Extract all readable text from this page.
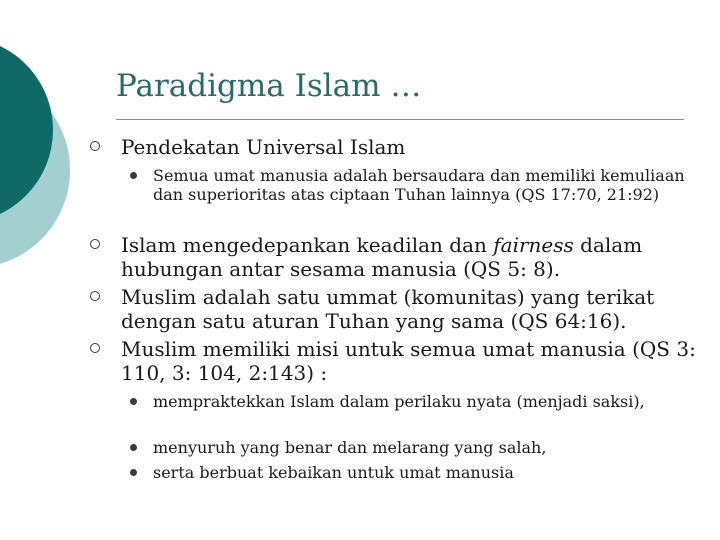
Paradigma Islam …
Pendekatan Universal Islam
Semua umat manusia adalah bersaudara dan memiliki kemuliaan dan superioritas atas ciptaan Tuhan lainnya (QS 17:70, 21:92)
Islam mengedepankan keadilan dan fairness dalam hubungan antar sesama manusia (QS 5: 8).
Muslim adalah satu ummat (komunitas) yang terikat dengan satu aturan Tuhan yang sama (QS 64:16).
Muslim memiliki misi untuk semua umat manusia (QS 3: 110, 3: 104, 2:143) :
mempraktekkan Islam dalam perilaku nyata (menjadi saksi),
menyuruh yang benar dan melarang yang salah,
serta berbuat kebaikan untuk umat manusia
